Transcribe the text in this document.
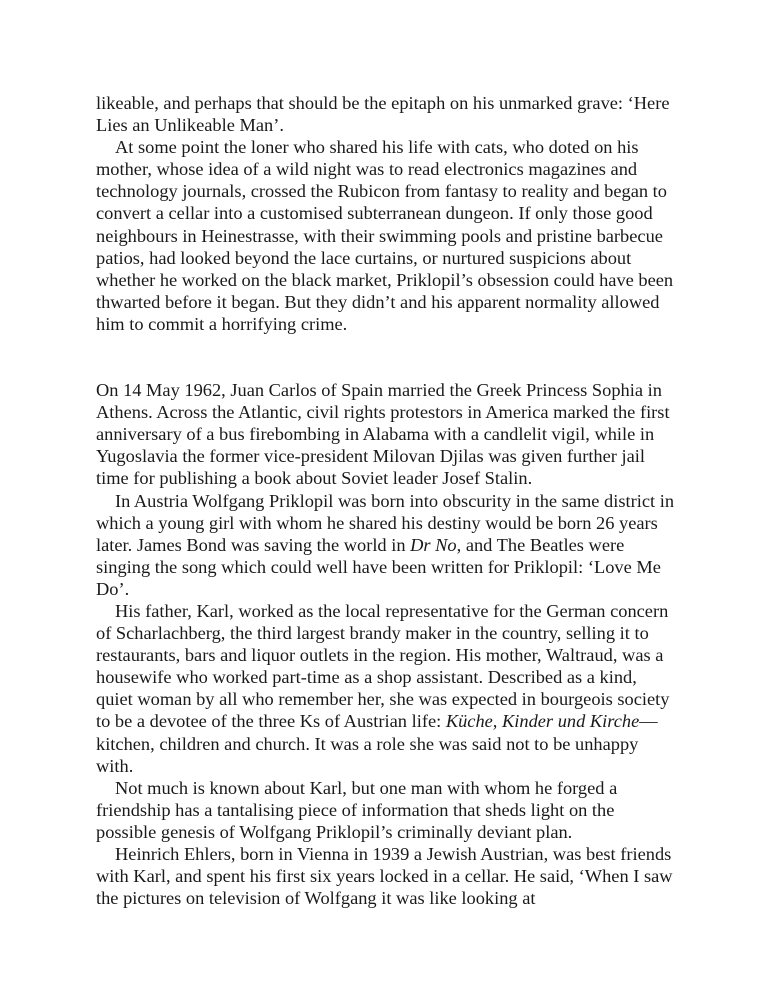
likeable, and perhaps that should be the epitaph on his unmarked grave: ‘Here Lies an Unlikeable Man’.

At some point the loner who shared his life with cats, who doted on his mother, whose idea of a wild night was to read electronics magazines and technology journals, crossed the Rubicon from fantasy to reality and began to convert a cellar into a customised subterranean dungeon. If only those good neighbours in Heinestrasse, with their swimming pools and pristine barbecue patios, had looked beyond the lace curtains, or nurtured suspicions about whether he worked on the black market, Priklopil’s obsession could have been thwarted before it began. But they didn’t and his apparent normality allowed him to commit a horrifying crime.

On 14 May 1962, Juan Carlos of Spain married the Greek Princess Sophia in Athens. Across the Atlantic, civil rights protestors in America marked the first anniversary of a bus firebombing in Alabama with a candlelit vigil, while in Yugoslavia the former vice-president Milovan Djilas was given further jail time for publishing a book about Soviet leader Josef Stalin.

In Austria Wolfgang Priklopil was born into obscurity in the same district in which a young girl with whom he shared his destiny would be born 26 years later. James Bond was saving the world in Dr No, and The Beatles were singing the song which could well have been written for Priklopil: ‘Love Me Do’.

His father, Karl, worked as the local representative for the German concern of Scharlachberg, the third largest brandy maker in the country, selling it to restaurants, bars and liquor outlets in the region. His mother, Waltraud, was a housewife who worked part-time as a shop assistant. Described as a kind, quiet woman by all who remember her, she was expected in bourgeois society to be a devotee of the three Ks of Austrian life: Küche, Kinder und Kirche—kitchen, children and church. It was a role she was said not to be unhappy with.

Not much is known about Karl, but one man with whom he forged a friendship has a tantalising piece of information that sheds light on the possible genesis of Wolfgang Priklopil’s criminally deviant plan.

Heinrich Ehlers, born in Vienna in 1939 a Jewish Austrian, was best friends with Karl, and spent his first six years locked in a cellar. He said, ‘When I saw the pictures on television of Wolfgang it was like looking at
